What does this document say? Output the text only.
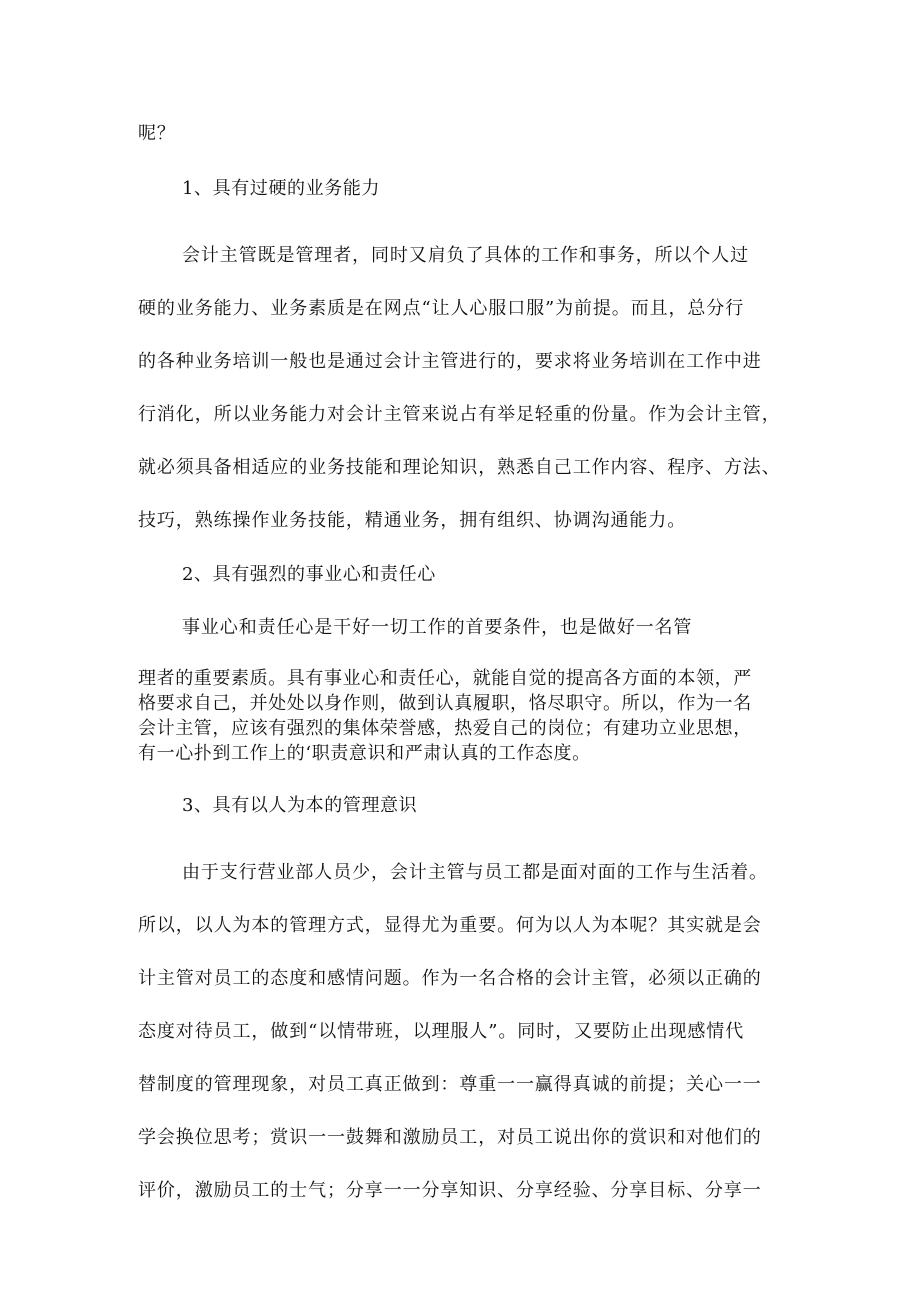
呢？
1、具有过硬的业务能力
会计主管既是管理者，同时又肩负了具体的工作和事务，所以个人过
硬的业务能力、业务素质是在网点“让人心服口服”为前提。而且，总分行
的各种业务培训一般也是通过会计主管进行的，要求将业务培训在工作中进
行消化，所以业务能力对会计主管来说占有举足轻重的份量。作为会计主管，
就必须具备相适应的业务技能和理论知识，熟悉自己工作内容、程序、方法、
技巧，熟练操作业务技能，精通业务，拥有组织、协调沟通能力。
2、具有强烈的事业心和责任心
事业心和责任心是干好一切工作的首要条件，也是做好一名管
理者的重要素质。具有事业心和责任心，就能自觉的提高各方面的本领，严
格要求自己，并处处以身作则，做到认真履职，恪尽职守。所以，作为一名
会计主管，应该有强烈的集体荣誉感，热爱自己的岗位；有建功立业思想，
有一心扑到工作上的‘职责意识和严肃认真的工作态度。
3、具有以人为本的管理意识
由于支行营业部人员少，会计主管与员工都是面对面的工作与生活着。
所以，以人为本的管理方式，显得尤为重要。何为以人为本呢？其实就是会
计主管对员工的态度和感情问题。作为一名合格的会计主管，必须以正确的
态度对待员工，做到“以情带班，以理服人”。同时，又要防止出现感情代
替制度的管理现象，对员工真正做到：尊重一一赢得真诚的前提；关心一一
学会换位思考；赏识一一鼓舞和激励员工，对员工说出你的赏识和对他们的
评价，激励员工的士气；分享一一分享知识、分享经验、分享目标、分享一
